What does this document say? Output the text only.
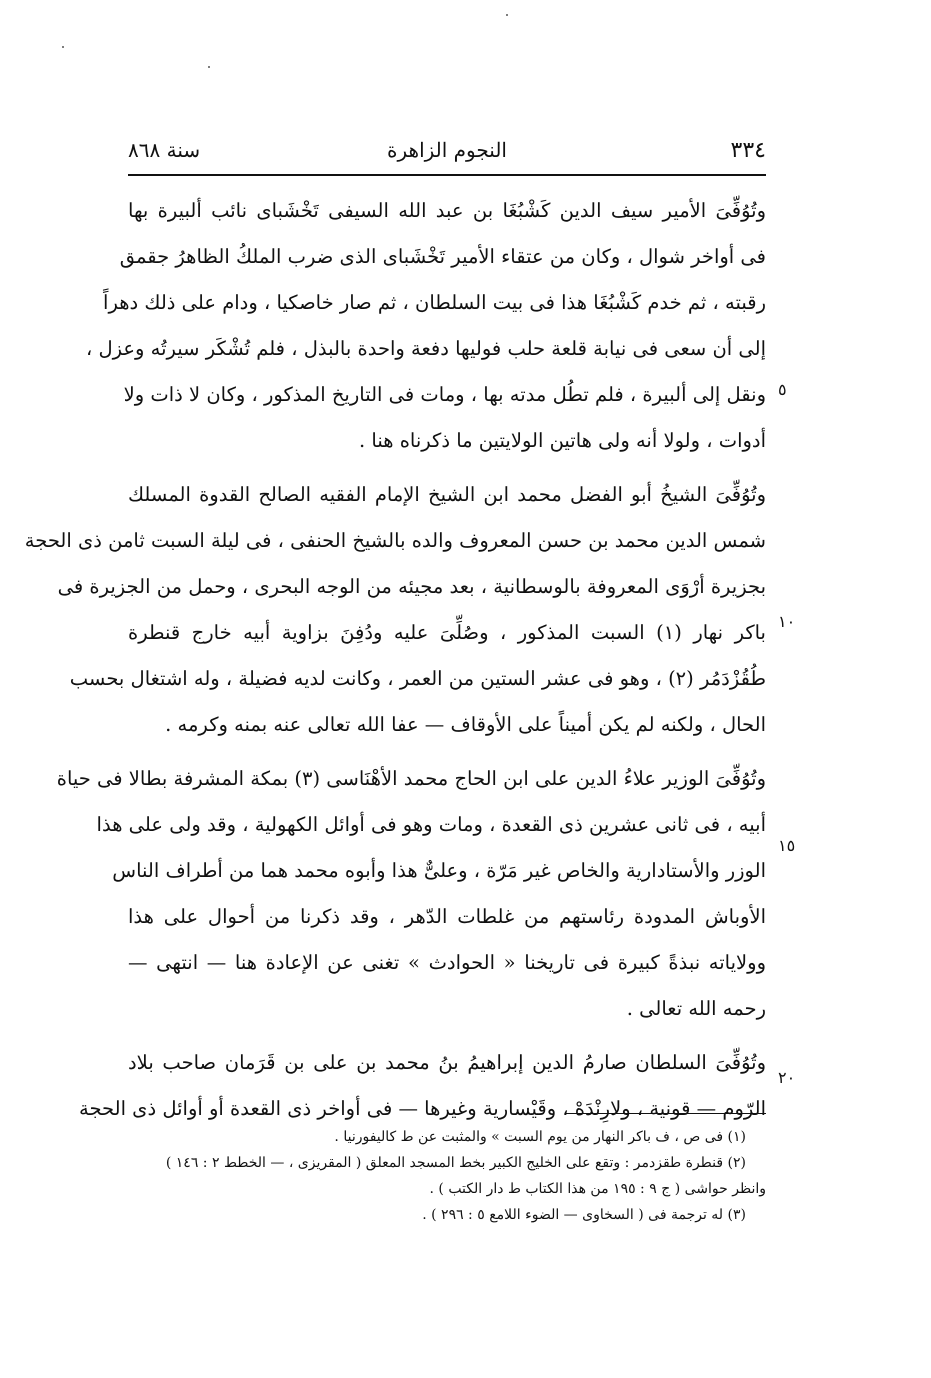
٣٣٤
النجوم الزاهرة
سنة ٨٦٨
وتُوُفِّىَ الأمير سيف الدين كَشْبُغَا بن عبد الله السيفى تَخْشَباى نائب ألبيرة بها
فى أواخر شوال ، وكان من عتقاء الأمير تَخْشَباى الذى ضرب الملكُ الظاهرُ جقمق
رقبته ، ثم خدم كَشْبُغَا هذا فى بيت السلطان ، ثم صار خاصكيا ، ودام على ذلك دهراً
إلى أن سعى فى نيابة قلعة حلب فوليها دفعة واحدة بالبذل ، فلم تُشْكَر سيرتُه وعزل ،
ونقل إلى ألبيرة ، فلم تطُل مدته بها ، ومات فى التاريخ المذكور ، وكان لا ذات ولا
أدوات ، ولولا أنه ولى هاتين الولايتين ما ذكرناه هنا .
وتُوُفِّىَ الشيخُ أبو الفضل محمد ابن الشيخ الإمام الفقيه الصالح القدوة المسلك
شمس الدين محمد بن حسن المعروف والده بالشيخ الحنفى ، فى ليلة السبت ثامن ذى الحجة
بجزيرة أرْوَى المعروفة بالوسطانية ، بعد مجيئه من الوجه البحرى ، وحمل من الجزيرة فى
باكر نهار (١) السبت المذكور ، وصُلِّىَ عليه ودُفِنَ بزاوية أبيه خارج قنطرة
طُقُزْدَمُر (٢) ، وهو فى عشر الستين من العمر ، وكانت لديه فضيلة ، وله اشتغال بحسب
الحال ، ولكنه لم يكن أميناً على الأوقاف — عفا الله تعالى عنه بمنه وكرمه .
وتُوُفِّىَ الوزير علاءُ الدين على ابن الحاج محمد الأهْنَاسى (٣) بمكة المشرفة بطالا فى حياة
أبيه ، فى ثانى عشرين ذى القعدة ، ومات وهو فى أوائل الكهولية ، وقد ولى على هذا
الوزر والأستادارية والخاص غير مَرّة ، وعلىٌّ هذا وأبوه محمد هما من أطراف الناس
الأوباش المدودة رئاستهم من غلطات الدّهر ، وقد ذكرنا من أحوال على هذا
وولاياته نبذةً كبيرة فى تاريخنا « الحوادث » تغنى عن الإعادة هنا — انتهى —
رحمه الله تعالى .
وتُوُفِّىَ السلطان صارمُ الدين إبراهيمُ بنُ محمد بن على بن قَرَمان صاحب بلاد
الرّوم — قونية ، ولارِنْدَهْ ، وقَيْسارية وغيرها — فى أواخر ذى القعدة أو أوائل ذى الحجة
٥
١٠
١٥
٢٠
(١) فى ص ، ف باكر النهار من يوم السبت » والمثبت عن ط كاليفورنيا .
(٢) قنطرة طقزدمر : وتقع على الخليج الكبير بخط المسجد المعلق ( المقريزى ، — الخطط ٢ : ١٤٦ )
وانظر حواشى ( ج ٩ : ١٩٥ من هذا الكتاب ط دار الكتب ) .
(٣) له ترجمة فى ( السخاوى — الضوء اللامع ٥ : ٢٩٦ ) .
